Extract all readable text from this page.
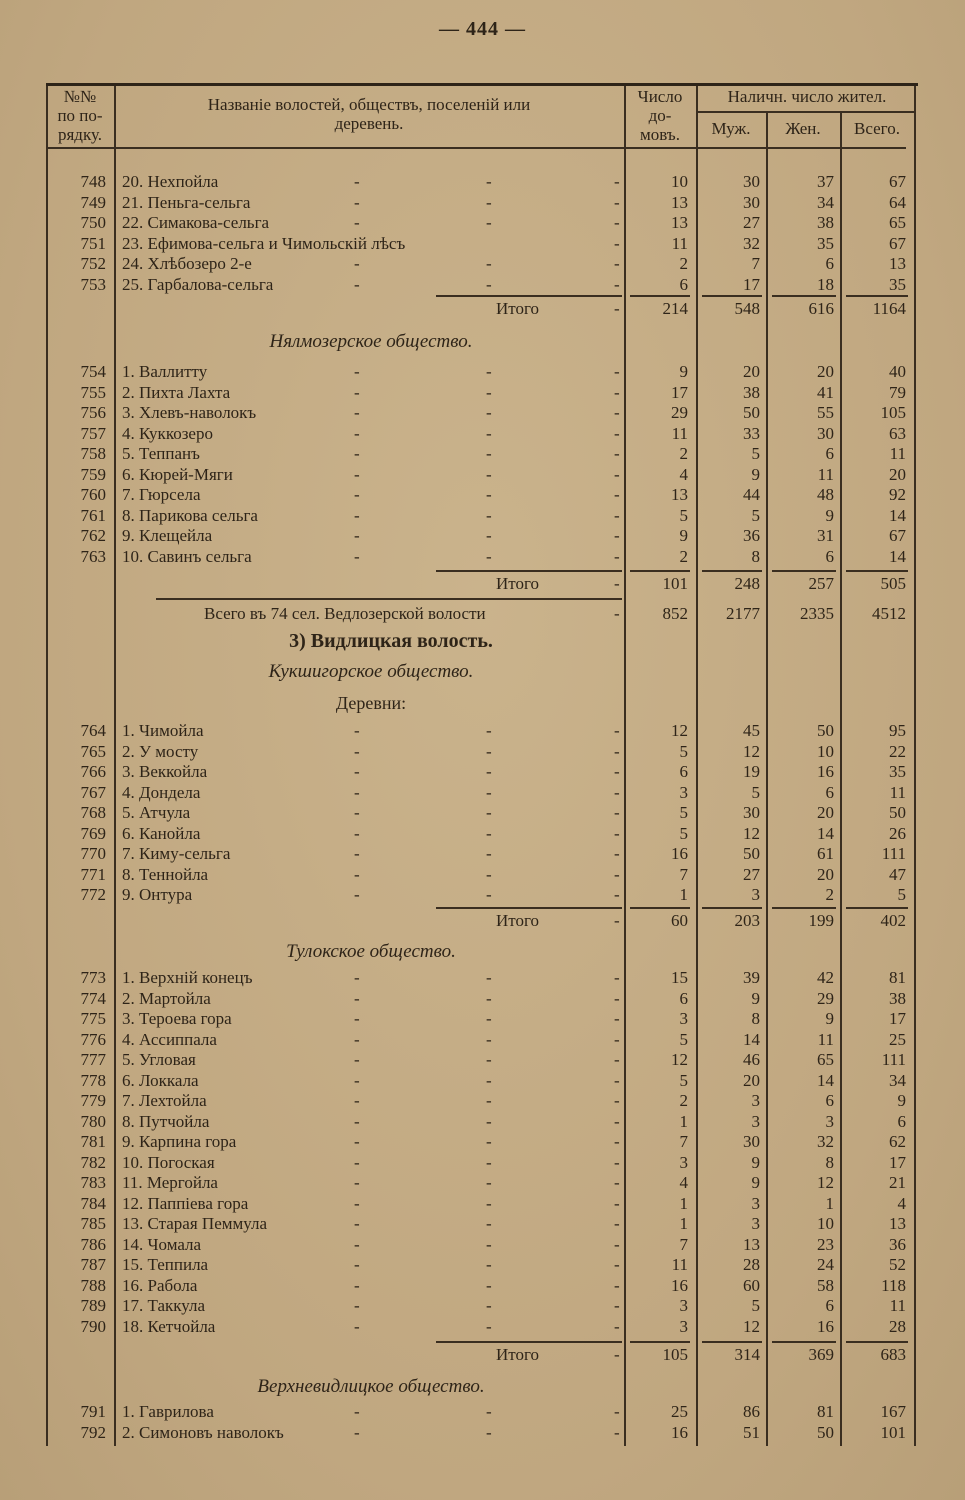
— 444 —
№№
по по-
рядку.
Названіе волостей, обществъ, поселеній или
деревень.
Число
до-
мовъ.
Наличн. число жител.
Муж.	Жен.	Всего.
748 20. Нехпойла	-	-	-	10	30	37	67
749 21. Пеньга-сельга	-	-	-	13	30	34	64
750 22. Симакова-сельга	-	-	-	13	27	38	65
751 23. Ефимова-сельга и Чимольскій лѣсъ	-	11	32	35	67
752 24. Хлѣбозеро 2-е	-	-	-	2	7	6	13
753 25. Гарбалова-сельга	-	-	-	6	17	18	35
Итого	-	214	548	616	1164
Нялмозерское общество.
754 1. Валлитту	-	-	-	9	20	20	40
755 2. Пихта Лахта	-	-	-	17	38	41	79
756 3. Хлевъ-наволокъ	-	-	-	29	50	55	105
757 4. Куккозеро	-	-	-	11	33	30	63
758 5. Теппанъ	-	-	-	2	5	6	11
759 6. Кюрей-Мяги	-	-	-	4	9	11	20
760 7. Гюрсела	-	-	-	13	44	48	92
761 8. Парикова сельга	-	-	-	5	5	9	14
762 9. Клещейла	-	-	-	9	36	31	67
763 10. Савинъ сельга	-	-	-	2	8	6	14
Итого	-	101	248	257	505
Всего въ 74 сел. Ведлозерской волости	-	852	2177	2335	4512
3) Видлицкая волость.
Кукшигорское общество.
Деревни:
764 1. Чимойла	-	-	-	12	45	50	95
765 2. У мосту	-	-	-	5	12	10	22
766 3. Веккойла	-	-	-	6	19	16	35
767 4. Дондела	-	-	-	3	5	6	11
768 5. Атчула	-	-	-	5	30	20	50
769 6. Канойла	-	-	-	5	12	14	26
770 7. Киму-сельга	-	-	-	16	50	61	111
771 8. Теннойла	-	-	-	7	27	20	47
772 9. Онтура	-	-	-	1	3	2	5
Итого	-	60	203	199	402
Тулокское общество.
773 1. Верхній конецъ	-	-	-	15	39	42	81
774 2. Мартойла	-	-	-	6	9	29	38
775 3. Тероева гора	-	-	-	3	8	9	17
776 4. Ассиппала	-	-	-	5	14	11	25
777 5. Угловая	-	-	-	12	46	65	111
778 6. Локкала	-	-	-	5	20	14	34
779 7. Лехтойла	-	-	-	2	3	6	9
780 8. Путчойла	-	-	-	1	3	3	6
781 9. Карпина гора	-	-	-	7	30	32	62
782 10. Погоская	-	-	-	3	9	8	17
783 11. Мергойла	-	-	-	4	9	12	21
784 12. Паппіева гора	-	-	-	1	3	1	4
785 13. Старая Пеммула	-	-	-	1	3	10	13
786 14. Чомала	-	-	-	7	13	23	36
787 15. Теппила	-	-	-	11	28	24	52
788 16. Рабола	-	-	-	16	60	58	118
789 17. Таккула	-	-	-	3	5	6	11
790 18. Кетчойла	-	-	-	3	12	16	28
Итого	-	105	314	369	683
Верхневидлицкое общество.
791 1. Гаврилова	-	-	-	25	86	81	167
792 2. Симоновъ наволокъ	-	-	-	16	51	50	101
